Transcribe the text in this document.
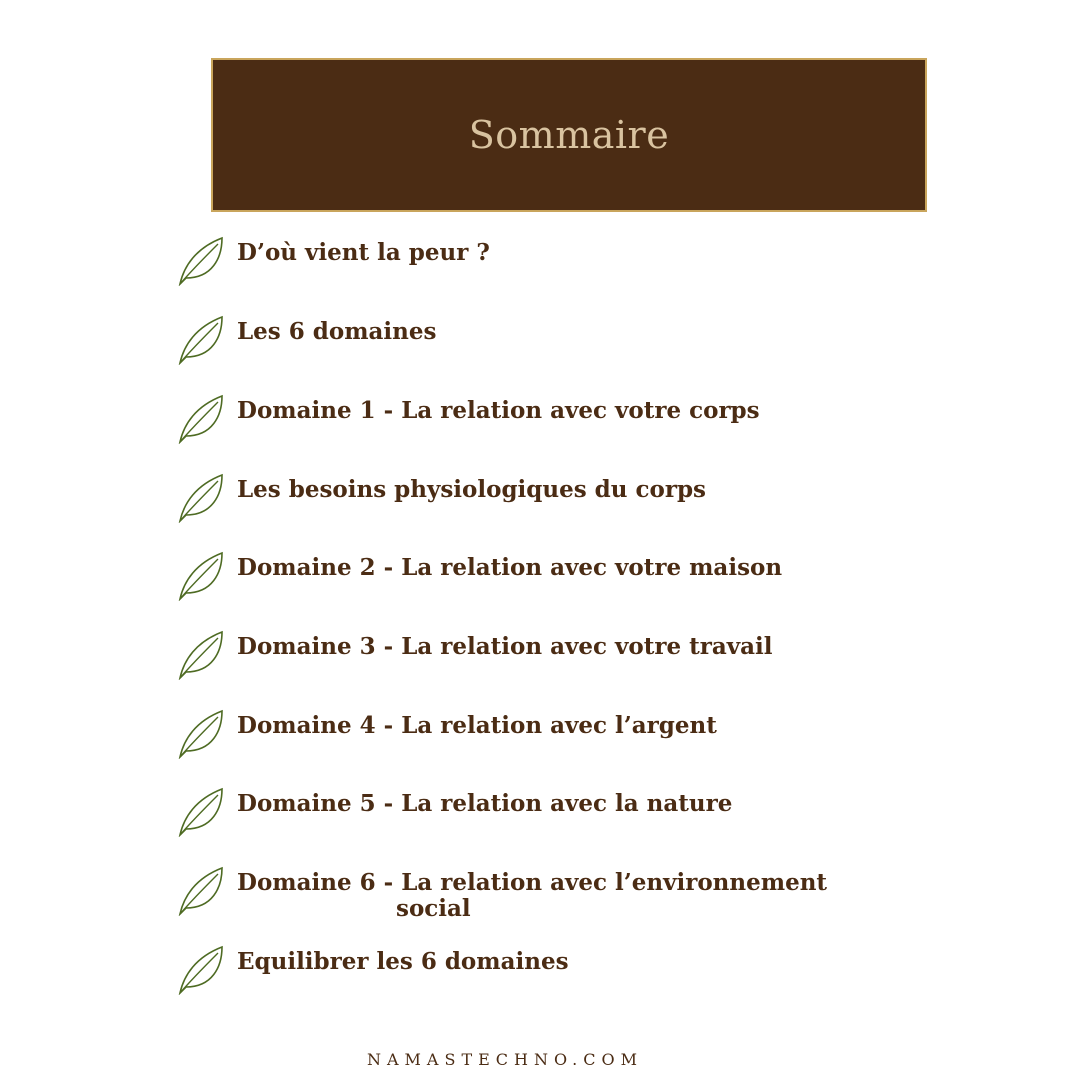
Sommaire
D’où vient la peur ?
Les 6 domaines
Domaine 1 - La relation avec votre corps
Les besoins physiologiques du corps
Domaine 2 - La relation avec votre maison
Domaine 3 - La relation avec votre travail
Domaine 4 - La relation avec l’argent
Domaine 5 - La relation avec la nature
Domaine 6 - La relation avec l’environnement
social
Equilibrer les 6 domaines
NAMASTECHNO.COM
